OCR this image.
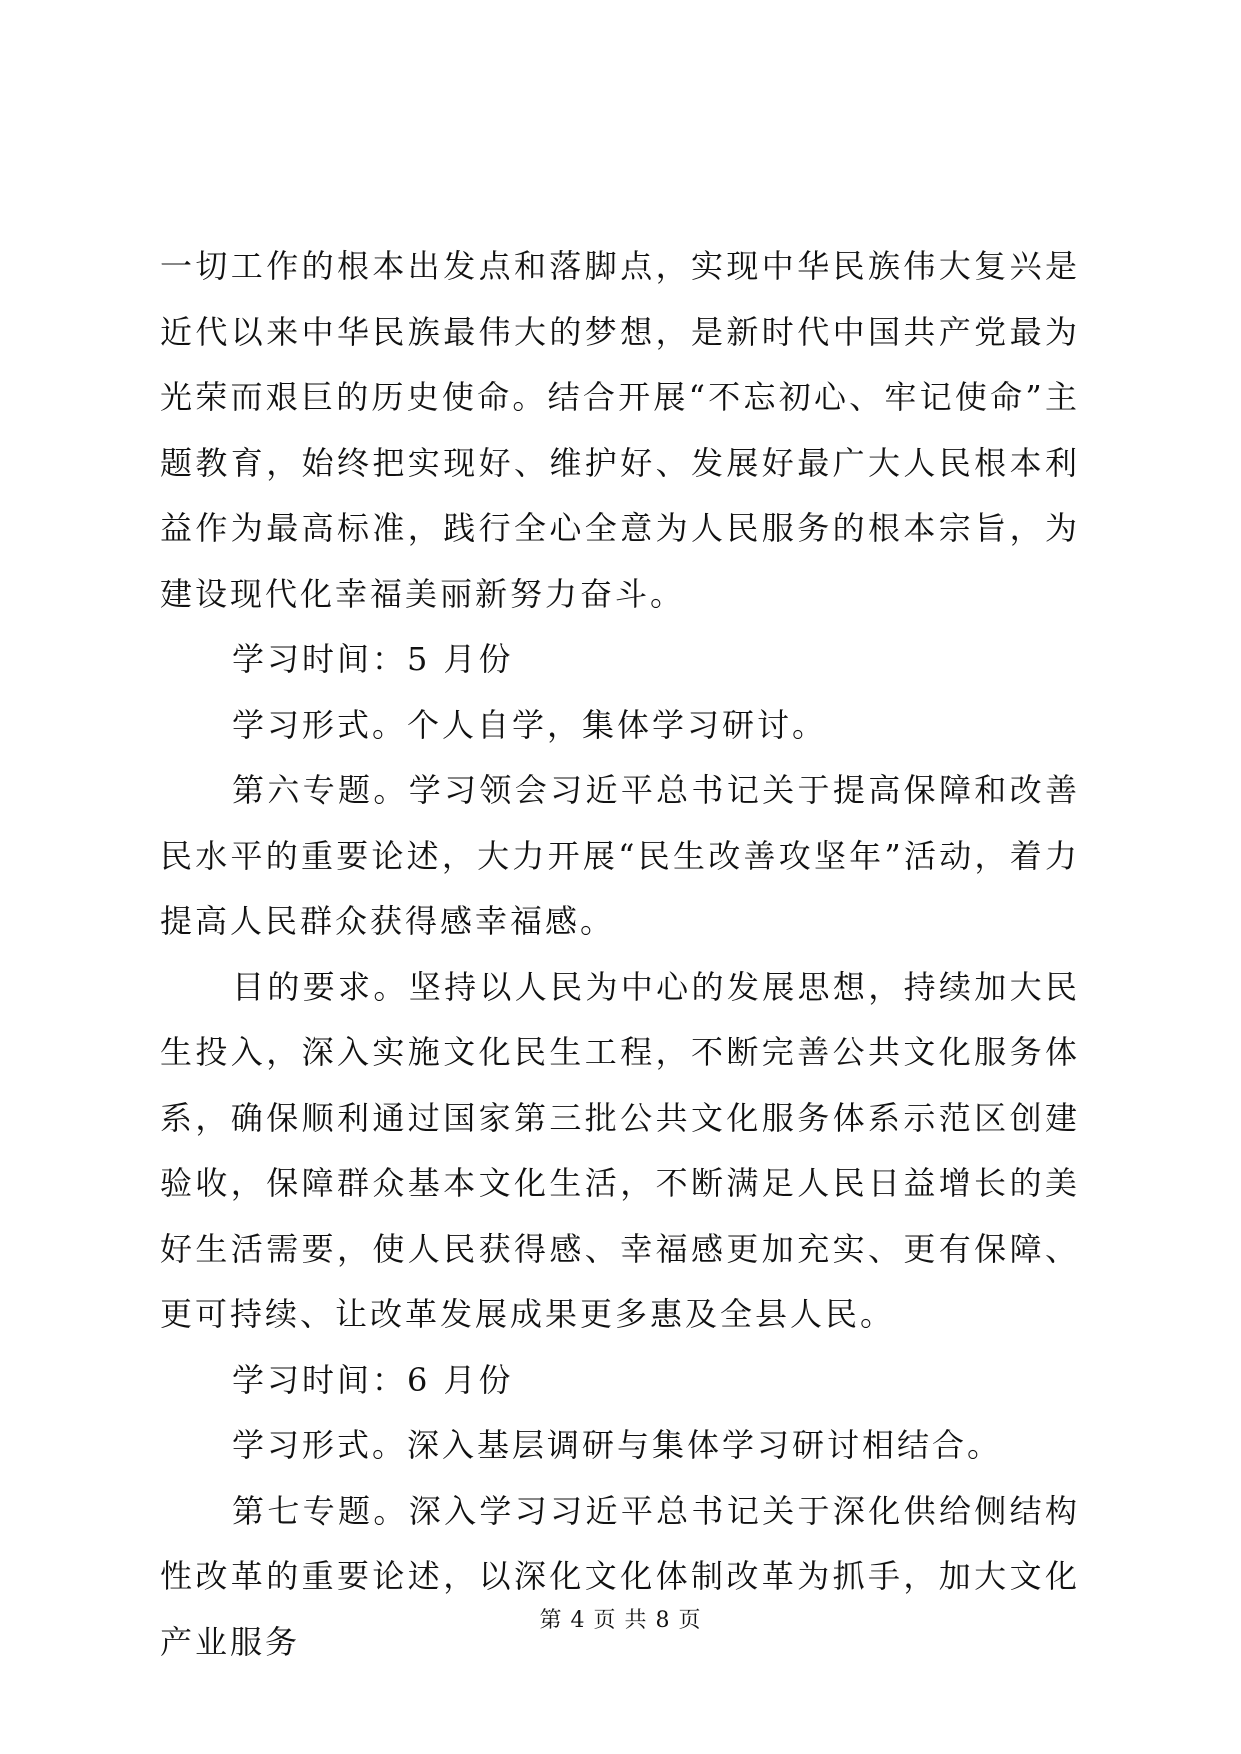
一切工作的根本出发点和落脚点，实现中华民族伟大复兴是近代以来中华民族最伟大的梦想，是新时代中国共产党最为光荣而艰巨的历史使命。结合开展“不忘初心、牢记使命”主题教育，始终把实现好、维护好、发展好最广大人民根本利益作为最高标准，践行全心全意为人民服务的根本宗旨，为建设现代化幸福美丽新努力奋斗。

学习时间：5 月份

学习形式。个人自学，集体学习研讨。

第六专题。学习领会习近平总书记关于提高保障和改善民水平的重要论述，大力开展“民生改善攻坚年”活动，着力提高人民群众获得感幸福感。

目的要求。坚持以人民为中心的发展思想，持续加大民生投入，深入实施文化民生工程，不断完善公共文化服务体系，确保顺利通过国家第三批公共文化服务体系示范区创建验收，保障群众基本文化生活，不断满足人民日益增长的美好生活需要，使人民获得感、幸福感更加充实、更有保障、更可持续、让改革发展成果更多惠及全县人民。

学习时间：6 月份

学习形式。深入基层调研与集体学习研讨相结合。

第七专题。深入学习习近平总书记关于深化供给侧结构性改革的重要论述，以深化文化体制改革为抓手，加大文化产业服务

第 4 页 共 8 页
